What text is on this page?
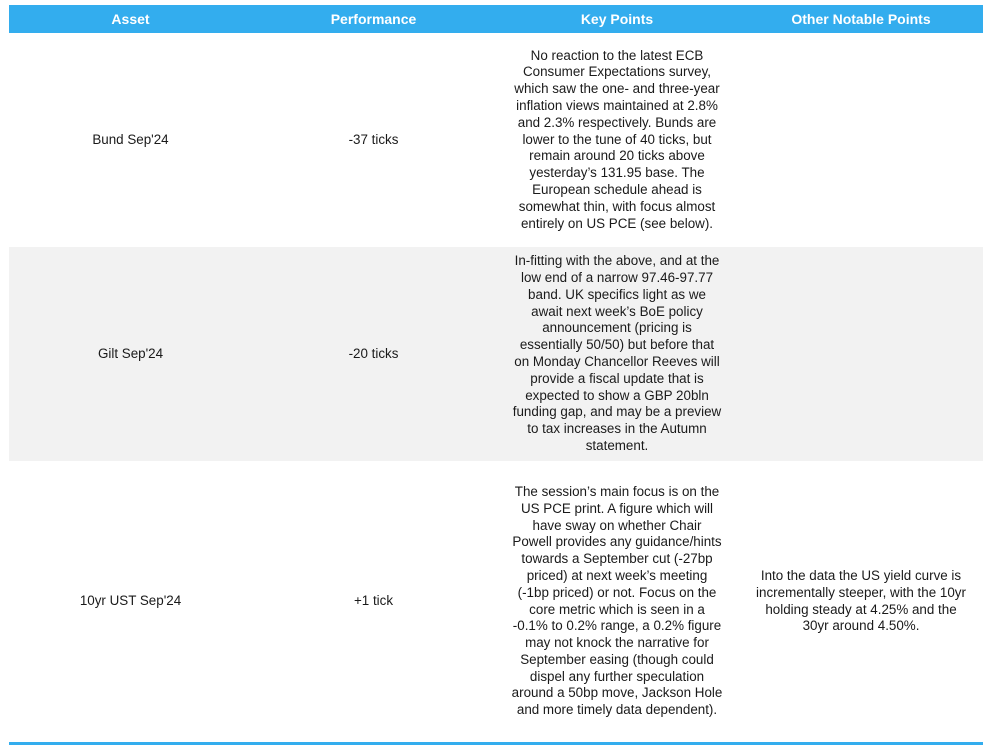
Asset	Performance	Key Points	Other Notable Points
Bund Sep'24	-37 ticks	No reaction to the latest ECB Consumer Expectations survey, which saw the one- and three-year inflation views maintained at 2.8% and 2.3% respectively. Bunds are lower to the tune of 40 ticks, but remain around 20 ticks above yesterday’s 131.95 base. The European schedule ahead is somewhat thin, with focus almost entirely on US PCE (see below).	

Gilt Sep'24	-20 ticks	In-fitting with the above, and at the low end of a narrow 97.46-97.77 band. UK specifics light as we await next week’s BoE policy announcement (pricing is essentially 50/50) but before that on Monday Chancellor Reeves will provide a fiscal update that is expected to show a GBP 20bln funding gap, and may be a preview to tax increases in the Autumn statement.	

10yr UST Sep'24	+1 tick	The session’s main focus is on the US PCE print. A figure which will have sway on whether Chair Powell provides any guidance/hints towards a September cut (-27bp priced) at next week’s meeting (-1bp priced) or not. Focus on the core metric which is seen in a -0.1% to 0.2% range, a 0.2% figure may not knock the narrative for September easing (though could dispel any further speculation around a 50bp move, Jackson Hole and more timely data dependent).	Into the data the US yield curve is incrementally steeper, with the 10yr holding steady at 4.25% and the 30yr around 4.50%.
